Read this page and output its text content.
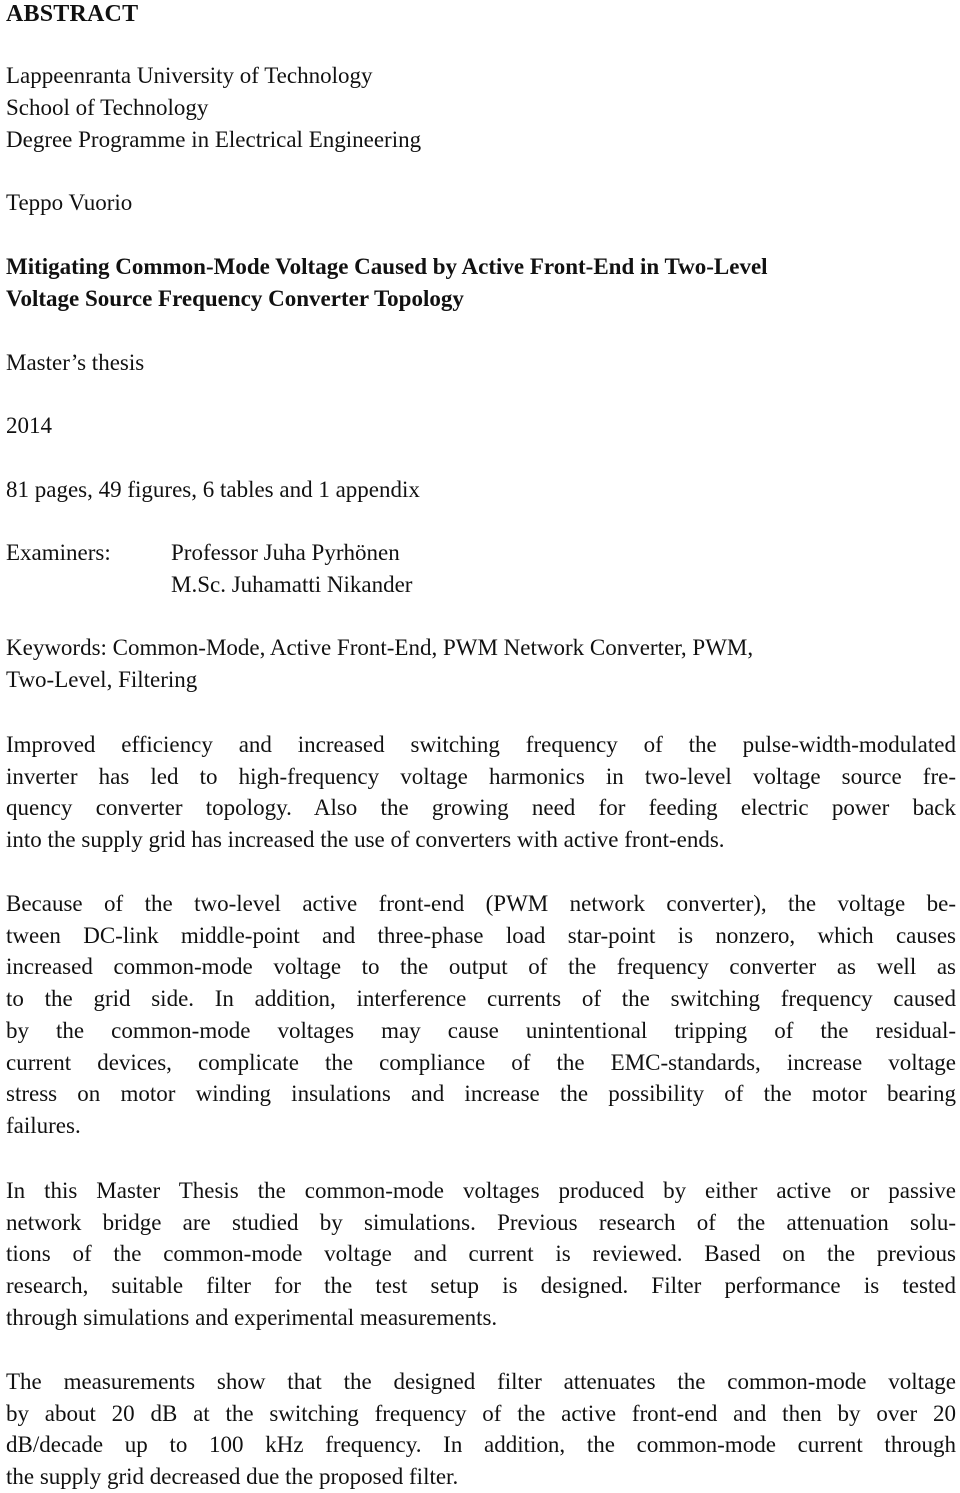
ABSTRACT
Lappeenranta University of Technology
School of Technology
Degree Programme in Electrical Engineering
Teppo Vuorio
Mitigating Common-Mode Voltage Caused by Active Front-End in Two-Level
Voltage Source Frequency Converter Topology
Master’s thesis
2014
81 pages, 49 figures, 6 tables and 1 appendix
Examiners:	Professor Juha Pyrhönen
M.Sc. Juhamatti Nikander
Keywords: Common-Mode, Active Front-End, PWM Network Converter, PWM,
Two-Level, Filtering
Improved efficiency and increased switching frequency of the pulse-width-modulated
inverter has led to high-frequency voltage harmonics in two-level voltage source fre-
quency converter topology. Also the growing need for feeding electric power back
into the supply grid has increased the use of converters with active front-ends.
Because of the two-level active front-end (PWM network converter), the voltage be-
tween DC-link middle-point and three-phase load star-point is nonzero, which causes
increased common-mode voltage to the output of the frequency converter as well as
to the grid side. In addition, interference currents of the switching frequency caused
by the common-mode voltages may cause unintentional tripping of the residual-
current devices, complicate the compliance of the EMC-standards, increase voltage
stress on motor winding insulations and increase the possibility of the motor bearing
failures.
In this Master Thesis the common-mode voltages produced by either active or passive
network bridge are studied by simulations. Previous research of the attenuation solu-
tions of the common-mode voltage and current is reviewed. Based on the previous
research, suitable filter for the test setup is designed. Filter performance is tested
through simulations and experimental measurements.
The measurements show that the designed filter attenuates the common-mode voltage
by about 20 dB at the switching frequency of the active front-end and then by over 20
dB/decade up to 100 kHz frequency. In addition, the common-mode current through
the supply grid decreased due the proposed filter.
